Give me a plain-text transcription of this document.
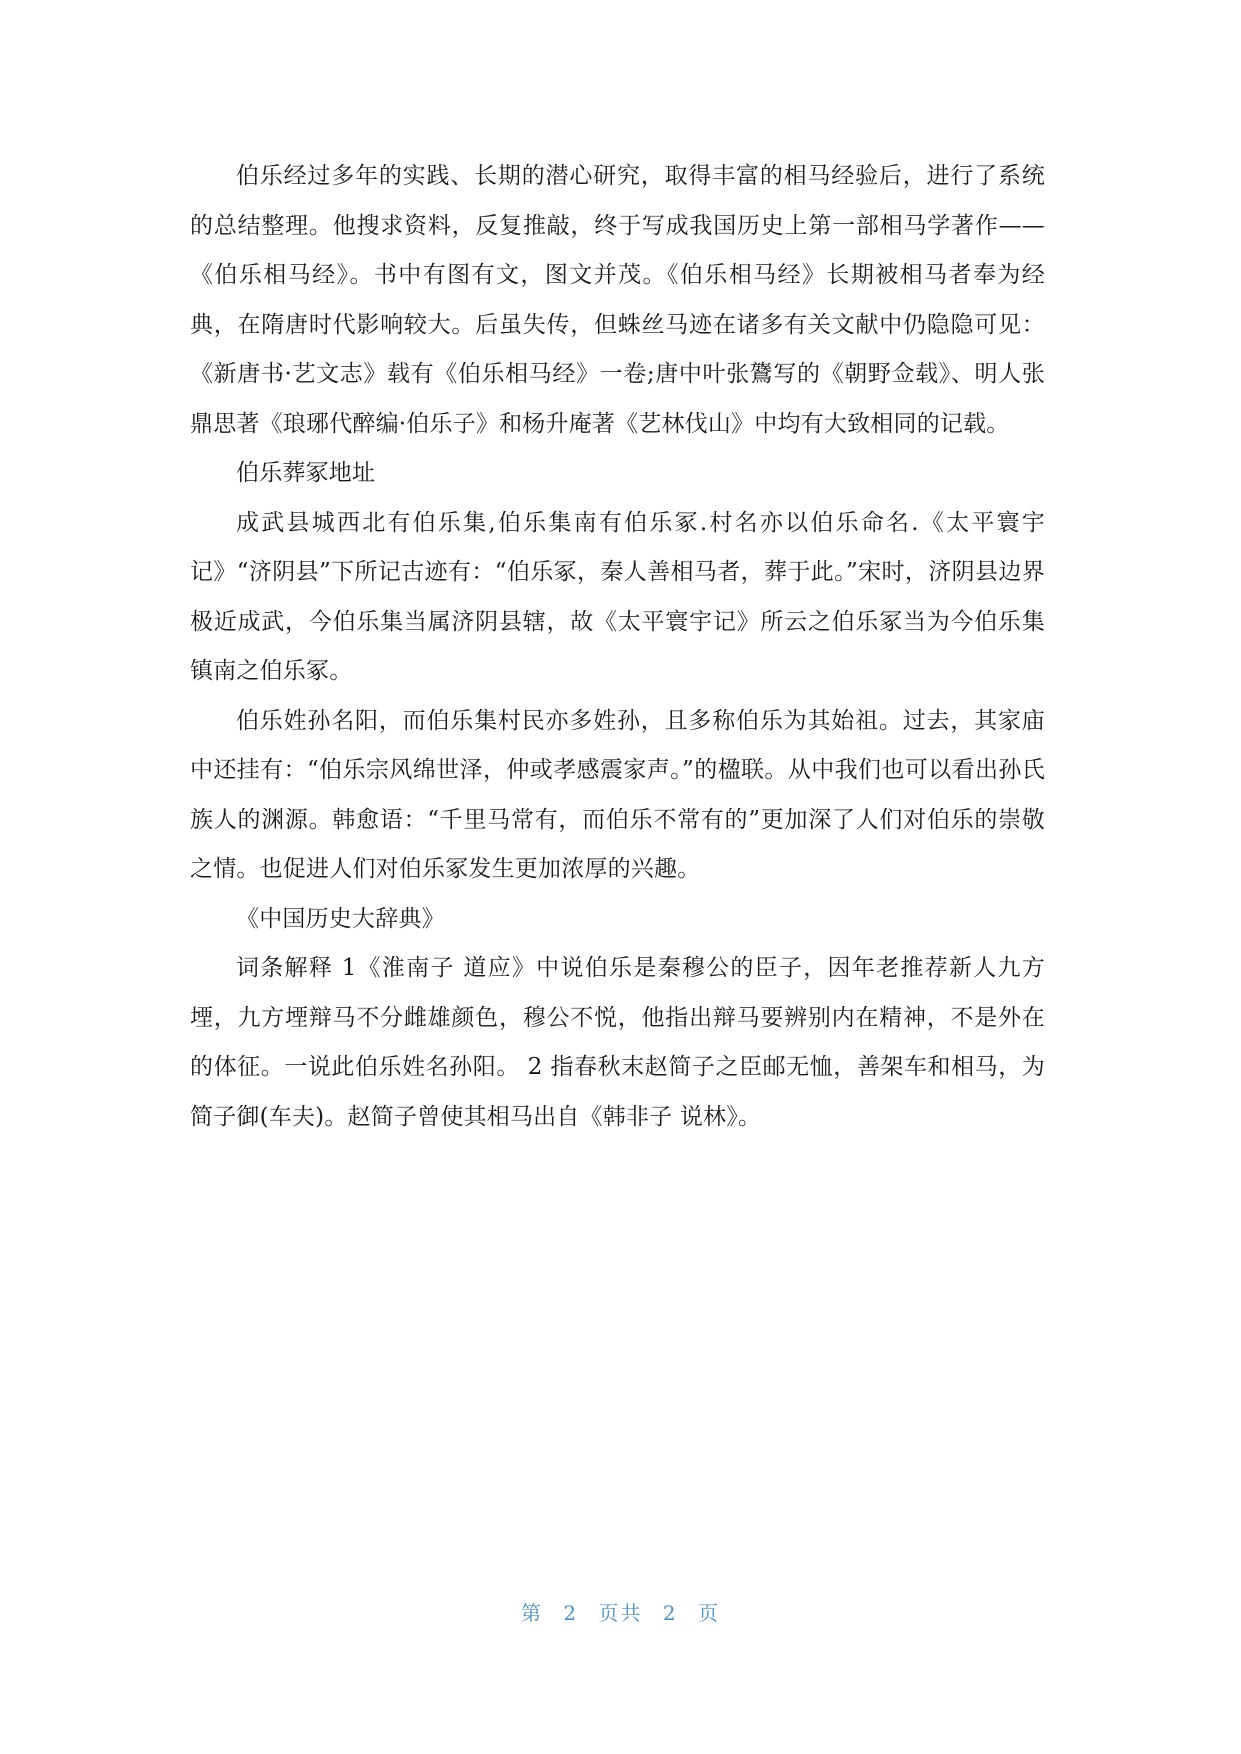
伯乐经过多年的实践、长期的潜心研究，取得丰富的相马经验后，进行了系统的总结整理。他搜求资料，反复推敲，终于写成我国历史上第一部相马学著作——《伯乐相马经》。书中有图有文，图文并茂。《伯乐相马经》长期被相马者奉为经典，在隋唐时代影响较大。后虽失传，但蛛丝马迹在诸多有关文献中仍隐隐可见：《新唐书·艺文志》载有《伯乐相马经》一卷;唐中叶张鷟写的《朝野佥载》、明人张鼎思著《琅琊代醉编·伯乐子》和杨升庵著《艺林伐山》中均有大致相同的记载。

伯乐葬冢地址

成武县城西北有伯乐集,伯乐集南有伯乐冢.村名亦以伯乐命名.《太平寰宇记》“济阴县”下所记古迹有：“伯乐冢，秦人善相马者，葬于此。”宋时，济阴县边界极近成武，今伯乐集当属济阴县辖，故《太平寰宇记》所云之伯乐冢当为今伯乐集镇南之伯乐冢。

伯乐姓孙名阳，而伯乐集村民亦多姓孙，且多称伯乐为其始祖。过去，其家庙中还挂有：“伯乐宗风绵世泽，仲或孝感震家声。”的楹联。从中我们也可以看出孙氏族人的渊源。韩愈语：“千里马常有，而伯乐不常有的”更加深了人们对伯乐的崇敬之情。也促进人们对伯乐冢发生更加浓厚的兴趣。

《中国历史大辞典》

词条解释 1《淮南子 道应》中说伯乐是秦穆公的臣子，因年老推荐新人九方堙，九方堙辩马不分雌雄颜色，穆公不悦，他指出辩马要辨别内在精神，不是外在的体征。一说此伯乐姓名孙阳。 2 指春秋末赵简子之臣邮无恤，善架车和相马，为简子御(车夫)。赵简子曾使其相马出自《韩非子 说林》。

第 2 页共 2 页
